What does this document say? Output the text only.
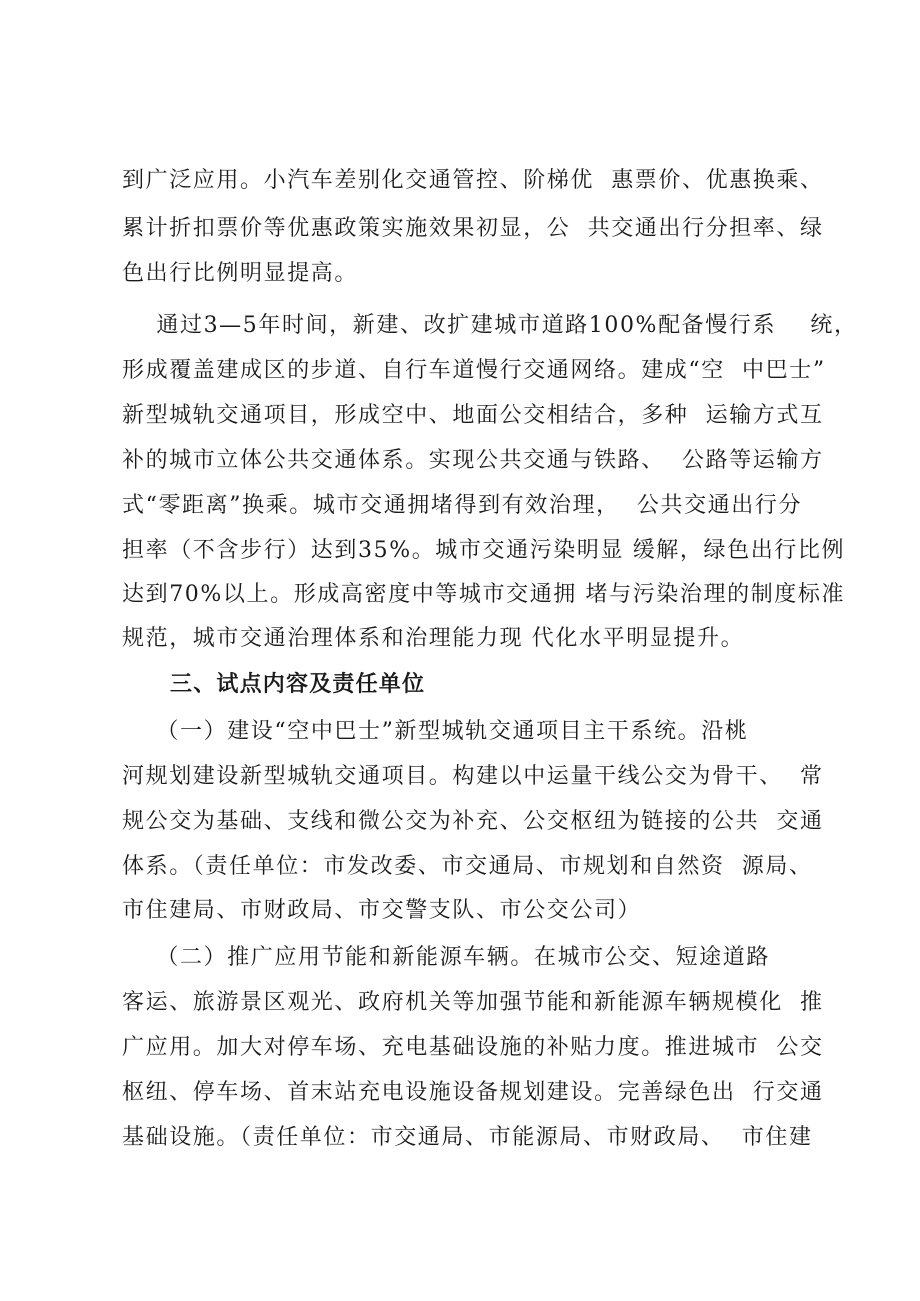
到广泛应用。小汽车差别化交通管控、阶梯优  惠票价、优惠换乘、
累计折扣票价等优惠政策实施效果初显，公  共交通出行分担率、绿
色出行比例明显提高。
通过3—5年时间，新建、改扩建城市道路100%配备慢行系    统，
形成覆盖建成区的步道、自行车道慢行交通网络。建成“空  中巴士”
新型城轨交通项目，形成空中、地面公交相结合，多种  运输方式互
补的城市立体公共交通体系。实现公共交通与铁路、  公路等运输方
式“零距离”换乘。城市交通拥堵得到有效治理，  公共交通出行分
担率（不含步行）达到35%。城市交通污染明显 缓解，绿色出行比例
达到70%以上。形成高密度中等城市交通拥 堵与污染治理的制度标准
规范，城市交通治理体系和治理能力现 代化水平明显提升。
三、试点内容及责任单位
（一）建设“空中巴士”新型城轨交通项目主干系统。沿桃
河规划建设新型城轨交通项目。构建以中运量干线公交为骨干、  常
规公交为基础、支线和微公交为补充、公交枢纽为链接的公共  交通
体系。（责任单位：市发改委、市交通局、市规划和自然资  源局、
市住建局、市财政局、市交警支队、市公交公司）
（二）推广应用节能和新能源车辆。在城市公交、短途道路
客运、旅游景区观光、政府机关等加强节能和新能源车辆规模化  推
广应用。加大对停车场、充电基础设施的补贴力度。推进城市  公交
枢纽、停车场、首末站充电设施设备规划建设。完善绿色出  行交通
基础设施。（责任单位：市交通局、市能源局、市财政局、  市住建
